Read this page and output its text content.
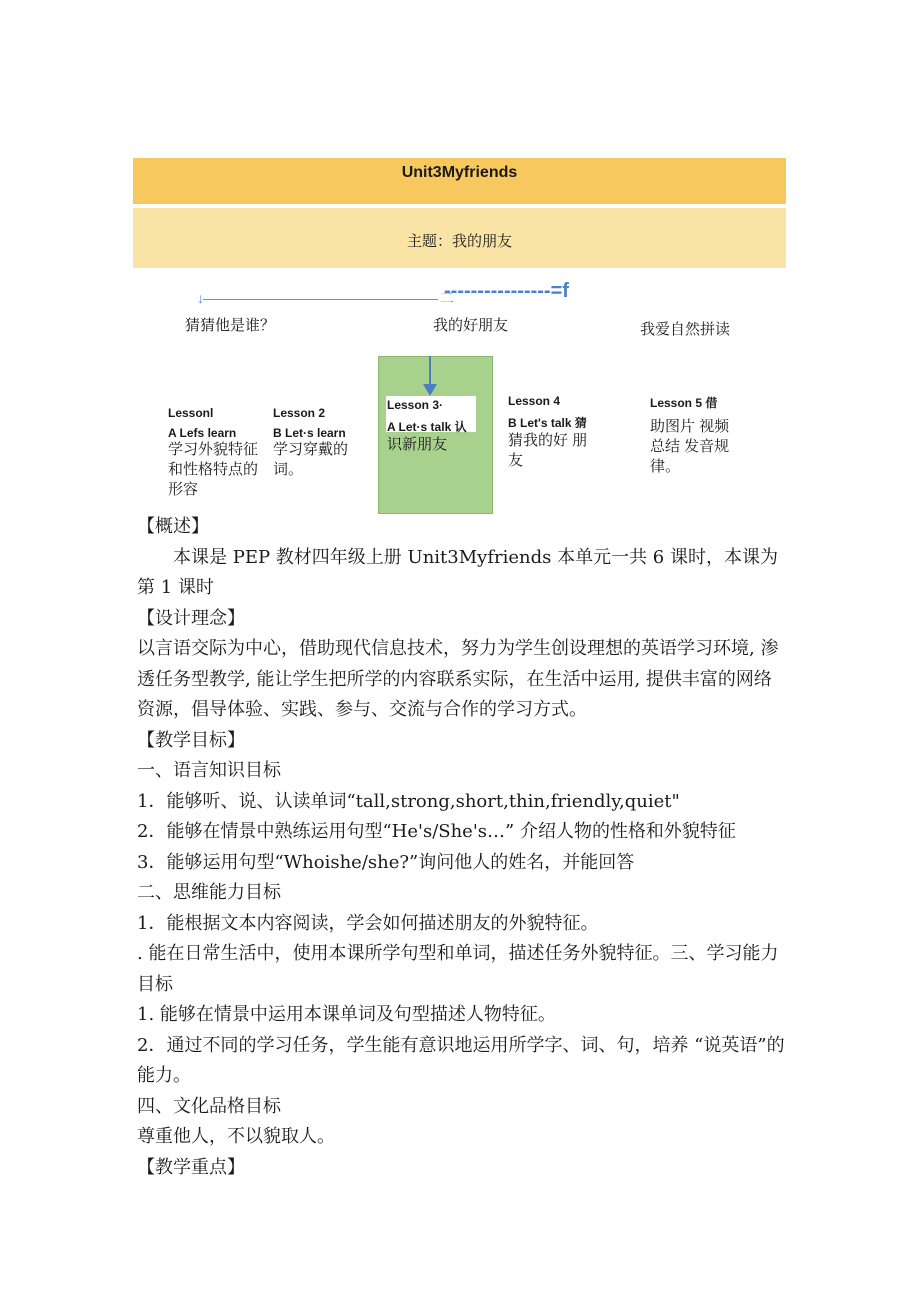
Unit3Myfriends
主题：我的朋友
↓—————————————————— 二
----------------=f
猜猜他是谁？	我的好朋友	我爱自然拼读
Lessonl
A Lefs learn
学习外貌特征和性格特点的形容
Lesson 2
B Let·s learn
学习穿戴的词。
Lesson 3·
A Let·s talk 认
识新朋友
Lesson 4
B Let's talk 猜
猜我的好 朋友
Lesson 5 借
助图片 视频总结 发音规律。

【概述】

本课是 PEP 教材四年级上册 Unit3Myfriends 本单元一共 6 课时，本课为第 1 课时

【设计理念】

以言语交际为中心，借助现代信息技术，努力为学生创设理想的英语学习环境, 渗透任务型教学, 能让学生把所学的内容联系实际，在生活中运用, 提供丰富的网络资源，倡导体验、实践、参与、交流与合作的学习方式。

【教学目标】

一、语言知识目标

1．能够听、说、认读单词“tall,strong,short,thin,friendly,quiet"

2．能够在情景中熟练运用句型“He's/She's…” 介绍人物的性格和外貌特征

3．能够运用句型“Whoishe/she?”询问他人的姓名，并能回答

二、思维能力目标

1．能根据文本内容阅读，学会如何描述朋友的外貌特征。

. 能在日常生活中，使用本课所学句型和单词，描述任务外貌特征。三、学习能力目标

1. 能够在情景中运用本课单词及句型描述人物特征。

2．通过不同的学习任务，学生能有意识地运用所学字、词、句，培养 “说英语”的能力。

四、文化品格目标

尊重他人，不以貌取人。

【教学重点】
